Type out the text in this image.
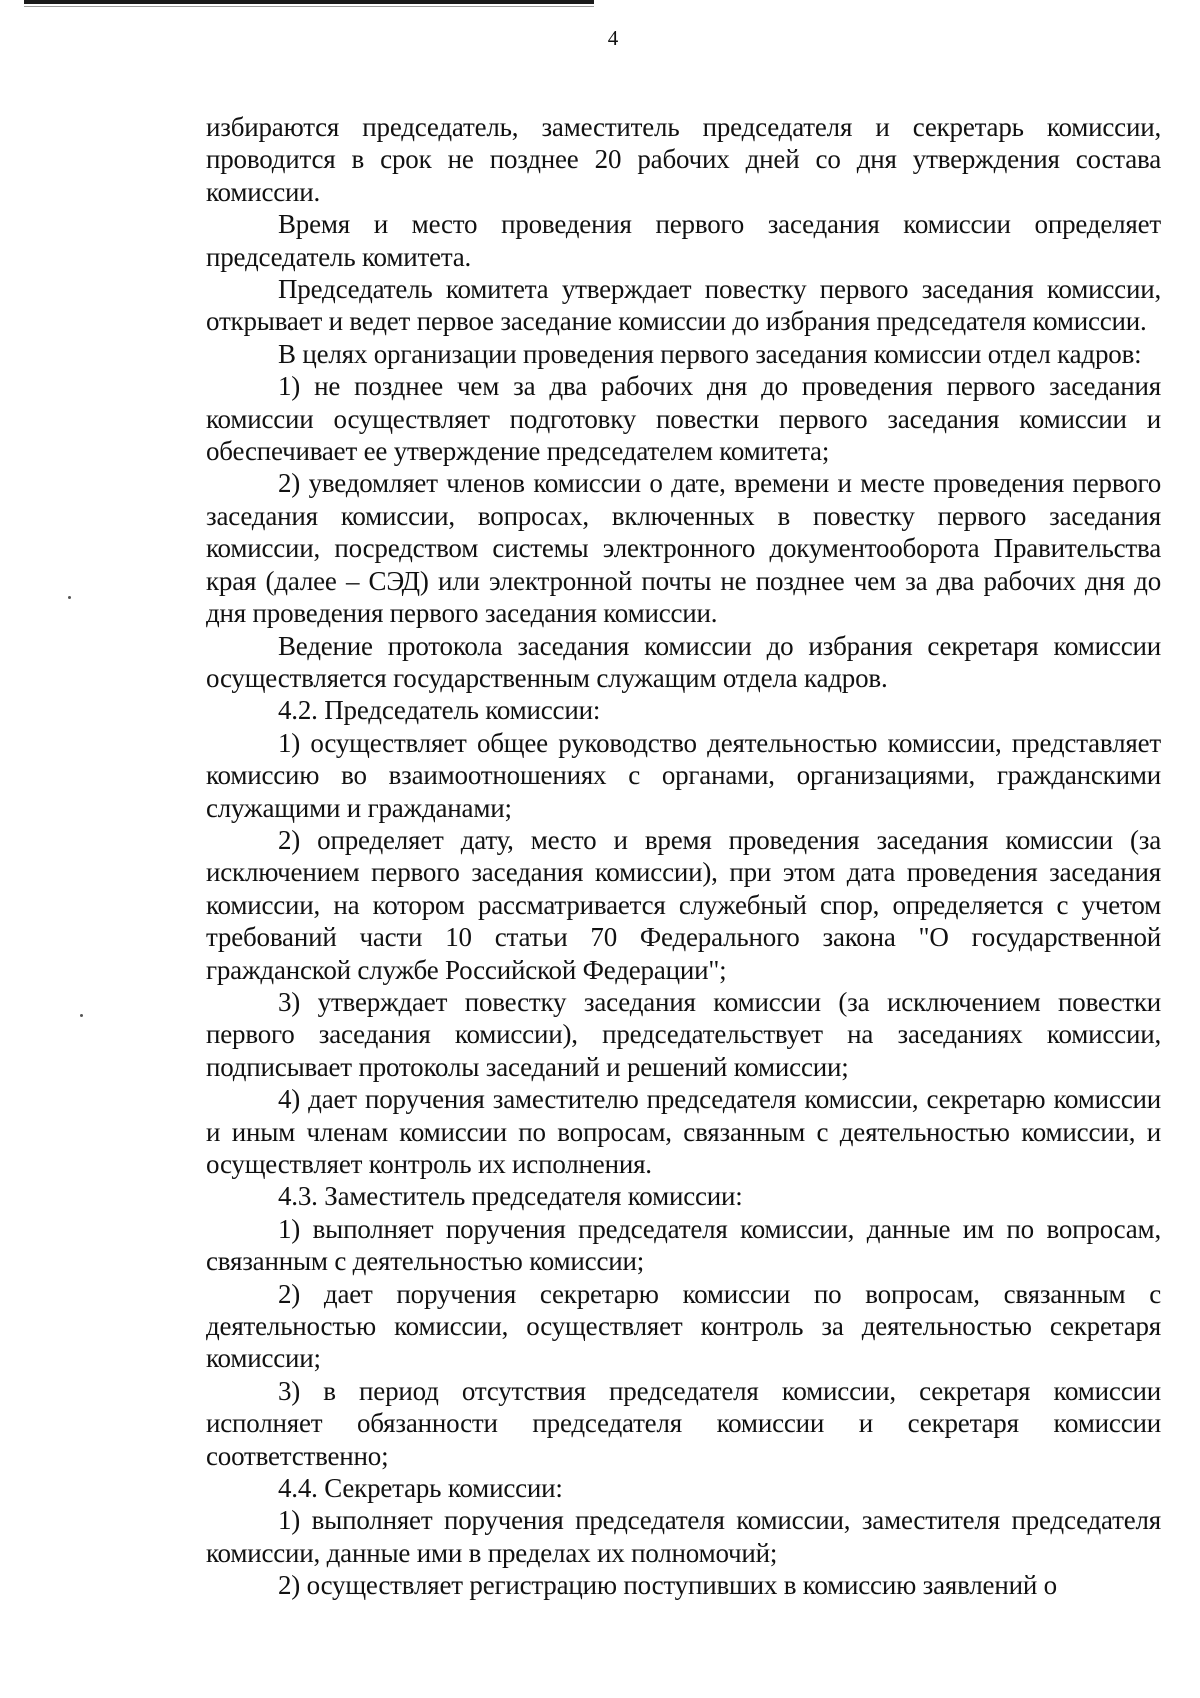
4

избираются председатель, заместитель председателя и секретарь комиссии, проводится в срок не позднее 20 рабочих дней со дня утверждения состава комиссии.

Время и место проведения первого заседания комиссии определяет председатель комитета.

Председатель комитета утверждает повестку первого заседания комиссии, открывает и ведет первое заседание комиссии до избрания председателя комиссии.

В целях организации проведения первого заседания комиссии отдел кадров:

1) не позднее чем за два рабочих дня до проведения первого заседания комиссии осуществляет подготовку повестки первого заседания комиссии и обеспечивает ее утверждение председателем комитета;

2) уведомляет членов комиссии о дате, времени и месте проведения первого заседания комиссии, вопросах, включенных в повестку первого заседания комиссии, посредством системы электронного документооборота Правительства края (далее – СЭД) или электронной почты не позднее чем за два рабочих дня до дня проведения первого заседания комиссии.

Ведение протокола заседания комиссии до избрания секретаря комиссии осуществляется государственным служащим отдела кадров.

4.2. Председатель комиссии:

1) осуществляет общее руководство деятельностью комиссии, представляет комиссию во взаимоотношениях с органами, организациями, гражданскими служащими и гражданами;

2) определяет дату, место и время проведения заседания комиссии (за исключением первого заседания комиссии), при этом дата проведения заседания комиссии, на котором рассматривается служебный спор, определяется с учетом требований части 10 статьи 70 Федерального закона "О государственной гражданской службе Российской Федерации";

3) утверждает повестку заседания комиссии (за исключением повестки первого заседания комиссии), председательствует на заседаниях комиссии, подписывает протоколы заседаний и решений комиссии;

4) дает поручения заместителю председателя комиссии, секретарю комиссии и иным членам комиссии по вопросам, связанным с деятельностью комиссии, и осуществляет контроль их исполнения.

4.3. Заместитель председателя комиссии:

1) выполняет поручения председателя комиссии, данные им по вопросам, связанным с деятельностью комиссии;

2) дает поручения секретарю комиссии по вопросам, связанным с деятельностью комиссии, осуществляет контроль за деятельностью секретаря комиссии;

3) в период отсутствия председателя комиссии, секретаря комиссии исполняет обязанности председателя комиссии и секретаря комиссии соответственно;

4.4. Секретарь комиссии:

1) выполняет поручения председателя комиссии, заместителя председателя комиссии, данные ими в пределах их полномочий;

2) осуществляет регистрацию поступивших в комиссию заявлений о
